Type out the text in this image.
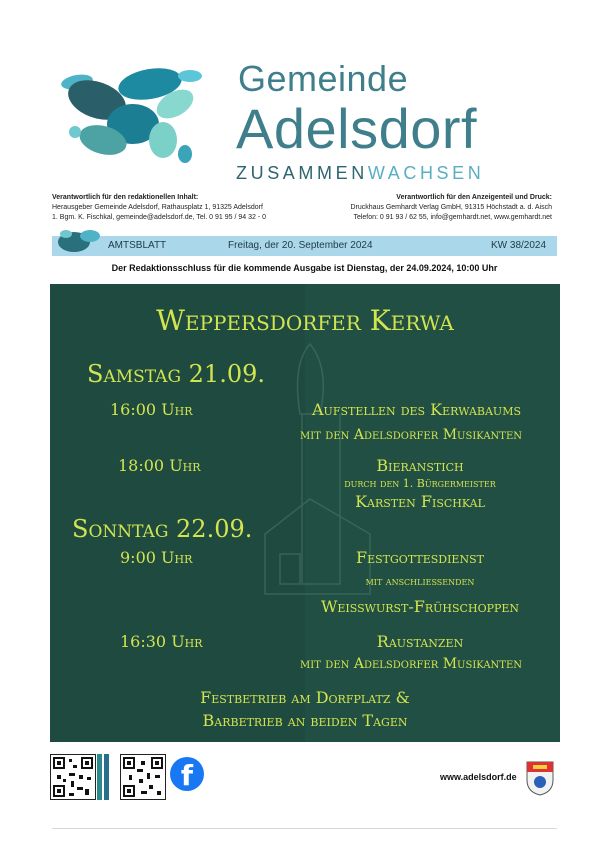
Gemeinde
Adelsdorf
ZUSAMMENWACHSEN
Verantwortlich für den redaktionellen Inhalt:
Herausgeber Gemeinde Adelsdorf, Rathausplatz 1, 91325 Adelsdorf
1. Bgm. K. Fischkal, gemeinde@adelsdorf.de, Tel. 0 91 95 / 94 32 - 0
Verantwortlich für den Anzeigenteil und Druck:
Druckhaus Gemhardt Verlag GmbH, 91315 Höchstadt a. d. Aisch
Telefon: 0 91 93 / 62 55, info@gemhardt.net, www.gemhardt.net
AMTSBLATT	Freitag, der 20. September 2024	KW 38/2024
Der Redaktionsschluss für die kommende Ausgabe ist Dienstag, der 24.09.2024, 10:00 Uhr
Weppersdorfer Kerwa
Samstag 21.09.
16:00 Uhr	Aufstellen des Kerwabaums
mit den Adelsdorfer Musikanten
18:00 Uhr	Bieranstich
durch den 1. Bürgermeister
Karsten Fischkal
Sonntag 22.09.
9:00 Uhr	Festgottesdienst
mit anschließenden
Weißwurst-Frühschoppen
16:30 Uhr	Raustanzen
mit den Adelsdorfer Musikanten
Festbetrieb am Dorfplatz &
Barbetrieb an beiden Tagen
f	www.adelsdorf.de
